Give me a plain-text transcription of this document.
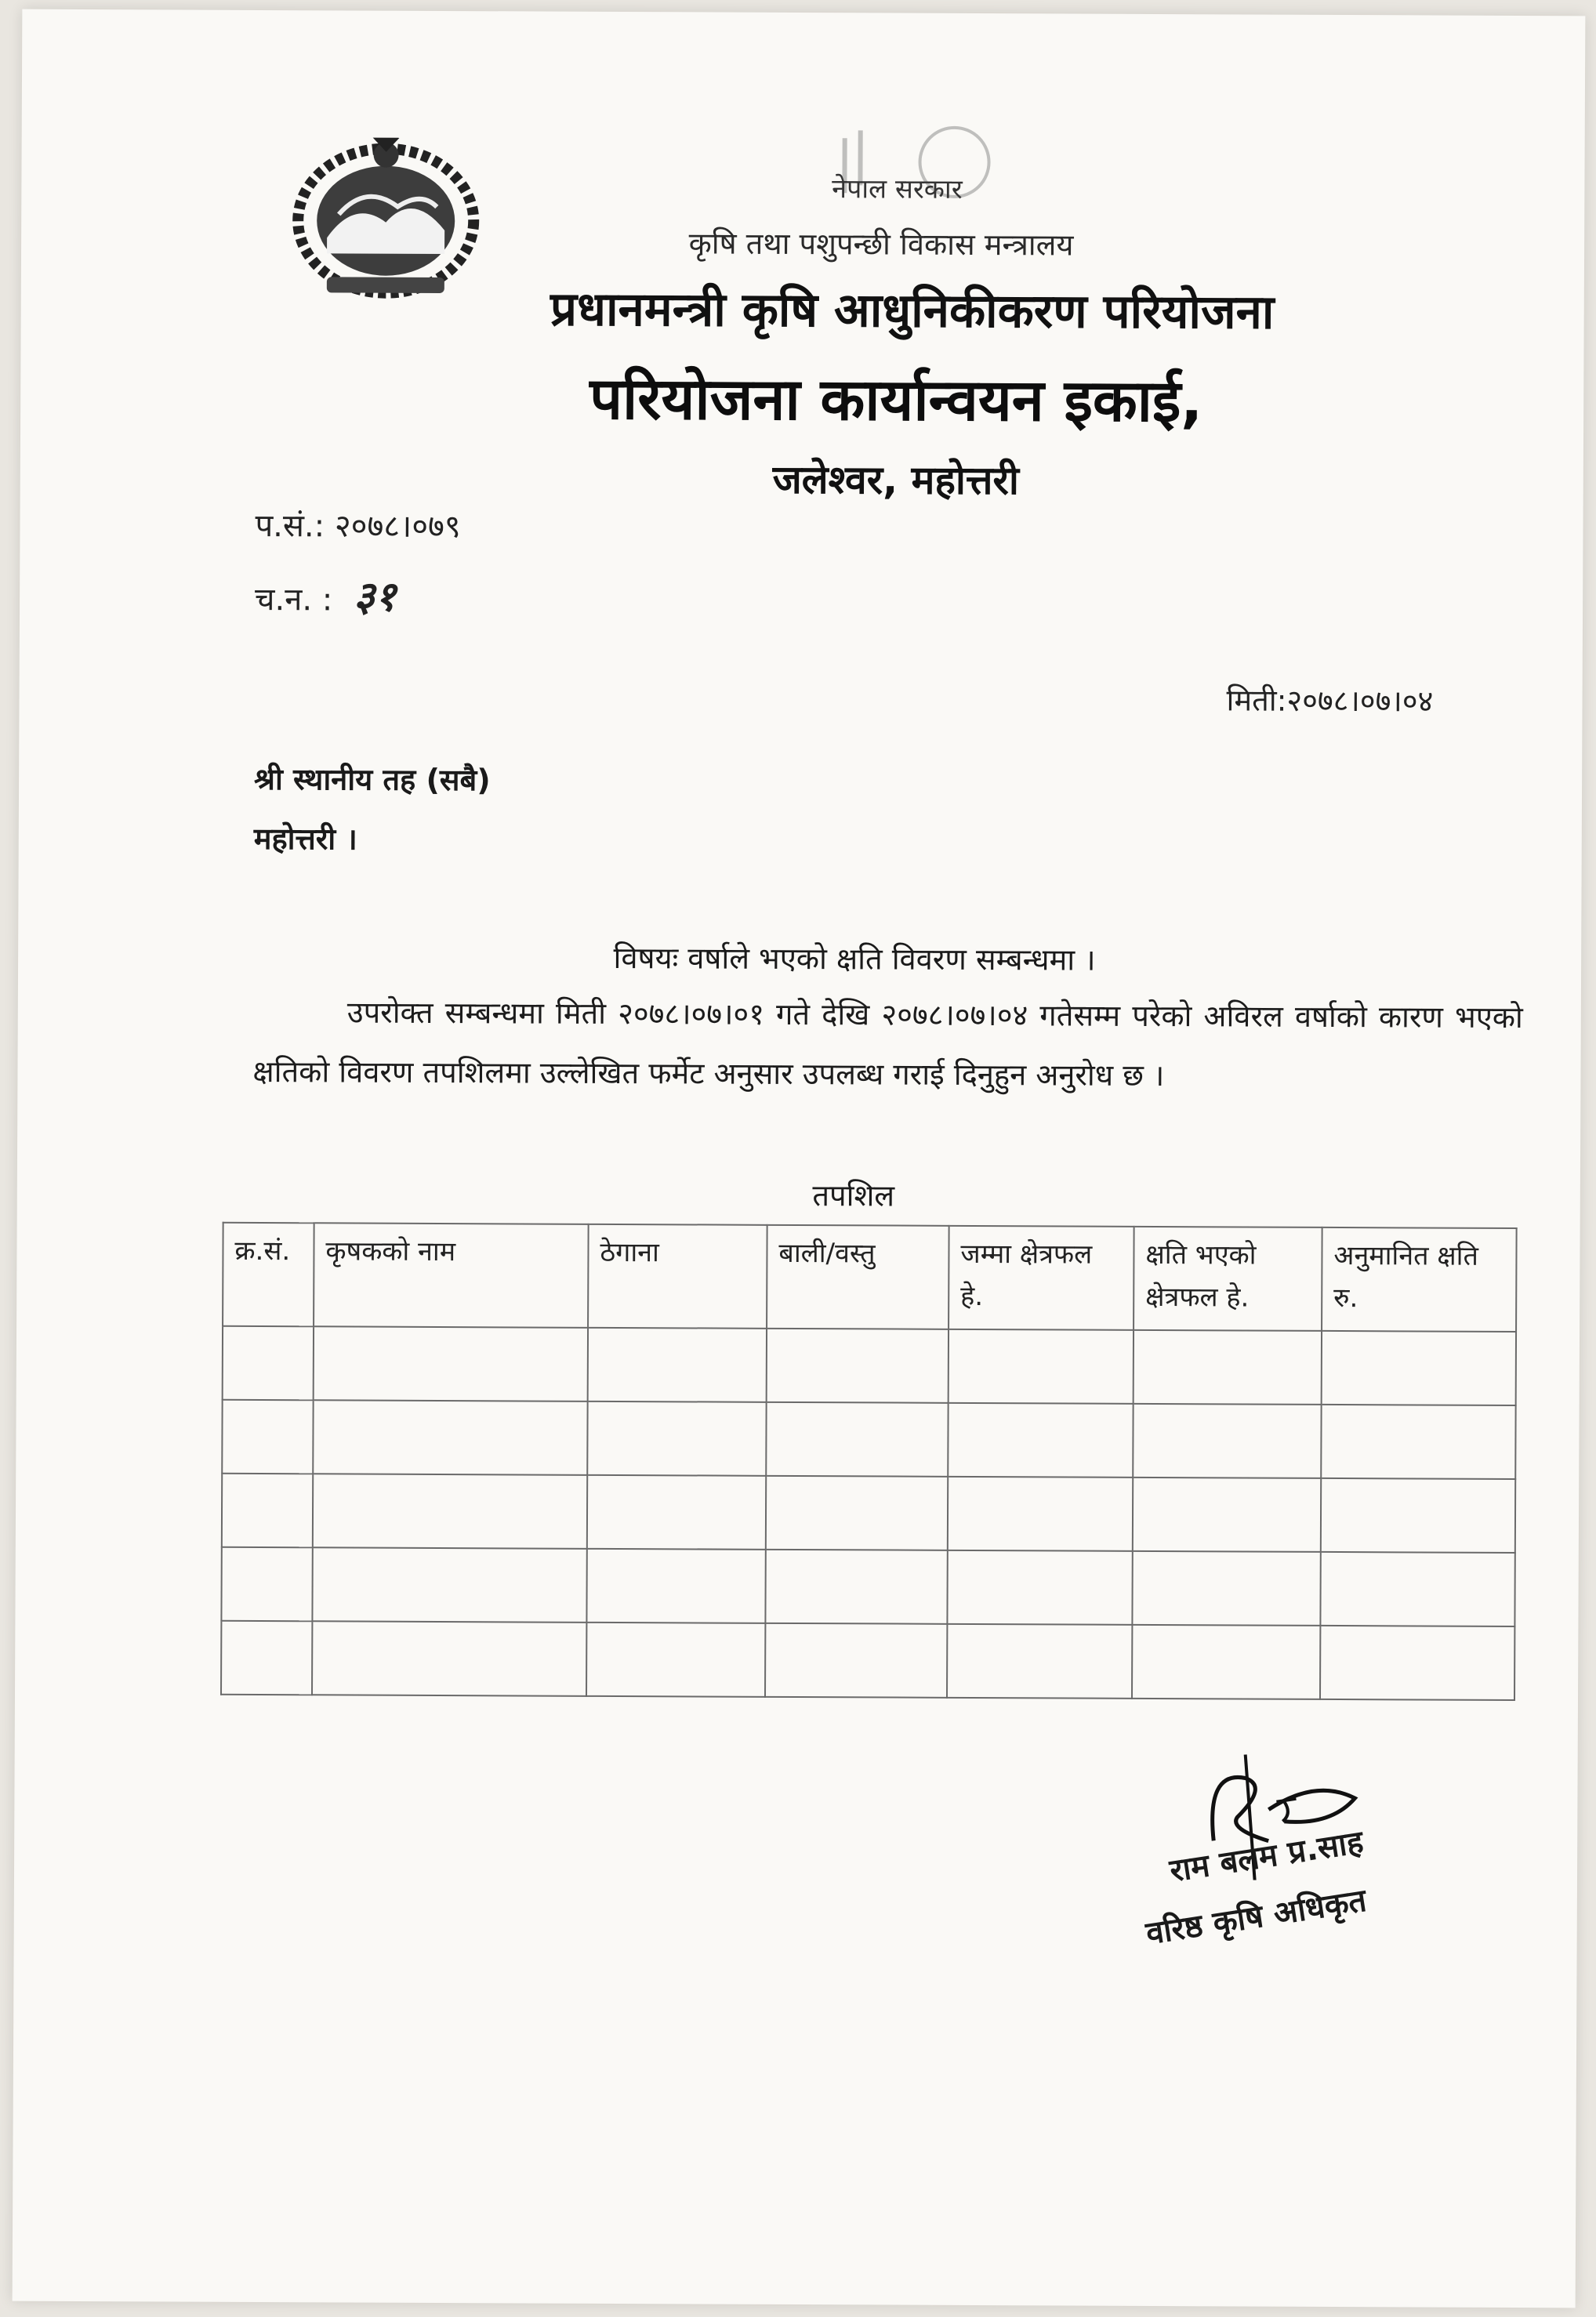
नेपाल सरकार
कृषि तथा पशुपन्छी विकास मन्त्रालय
प्रधानमन्त्री कृषि आधुनिकीकरण परियोजना
परियोजना कार्यान्वयन इकाई,
जलेश्वर, महोत्तरी
प.सं.: २०७८।०७९
च.न. : ३१
मिती:२०७८।०७।०४
श्री स्थानीय तह (सबै)
महोत्तरी ।
विषयः वर्षाले भएको क्षति विवरण सम्बन्धमा ।
उपरोक्त सम्बन्धमा मिती २०७८।०७।०१ गते देखि २०७८।०७।०४ गतेसम्म परेको अविरल वर्षाको कारण भएको क्षतिको विवरण तपशिलमा उल्लेखित फर्मेट अनुसार उपलब्ध गराई दिनुहुन अनुरोध छ ।
तपशिल
क्र.सं.	कृषकको नाम	ठेगाना	बाली/वस्तु	जम्मा क्षेत्रफल हे.	क्षति भएको क्षेत्रफल हे.	अनुमानित क्षति रु.

राम बलम प्र.साह
वरिष्ठ कृषि अधिकृत
